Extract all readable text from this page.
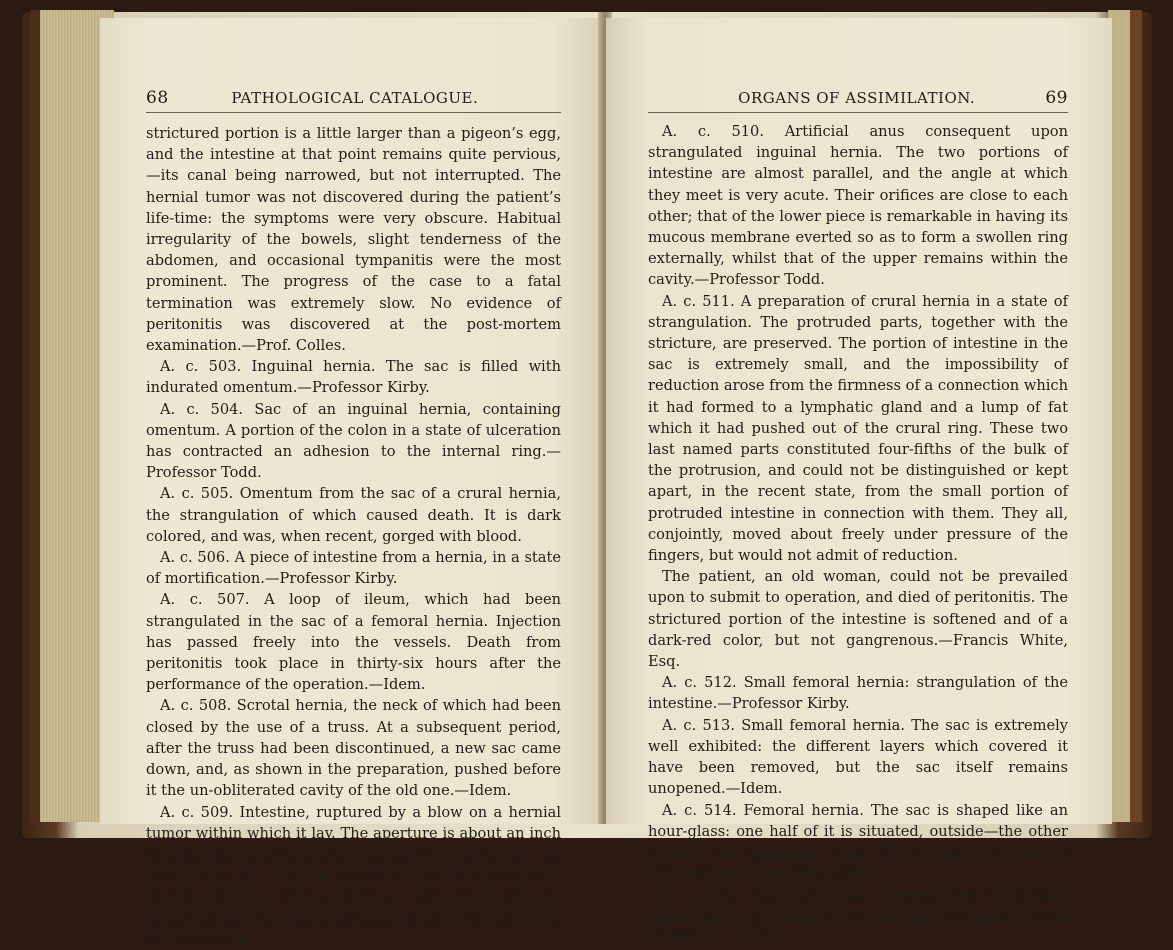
68	PATHOLOGICAL CATALOGUE.

strictured portion is a little larger than a pigeon’s egg, and the intestine at that point remains quite pervious,—its canal being narrowed, but not interrupted. The hernial tumor was not discovered during the patient’s life-time: the symptoms were very obscure. Habitual irregularity of the bowels, slight tenderness of the abdomen, and occasional tympanitis were the most prominent. The progress of the case to a fatal termination was extremely slow. No evidence of peritonitis was discovered at the post-mortem examination.—Prof. Colles.

A. c. 503. Inguinal hernia. The sac is filled with indurated omentum.—Professor Kirby.

A. c. 504. Sac of an inguinal hernia, containing omentum. A portion of the colon in a state of ulceration has contracted an adhesion to the internal ring.—Professor Todd.

A. c. 505. Omentum from the sac of a crural hernia, the strangulation of which caused death. It is dark colored, and was, when recent, gorged with blood.

A. c. 506. A piece of intestine from a hernia, in a state of mortification.—Professor Kirby.

A. c. 507. A loop of ileum, which had been strangulated in the sac of a femoral hernia. Injection has passed freely into the vessels. Death from peritonitis took place in thirty-six hours after the performance of the operation.—Idem.

A. c. 508. Scrotal hernia, the neck of which had been closed by the use of a truss. At a subsequent period, after the truss had been discontinued, a new sac came down, and, as shown in the preparation, pushed before it the un-obliterated cavity of the old one.—Idem.

A. c. 509. Intestine, ruptured by a blow on a hernial tumor within which it lay. The aperture is about an inch in diameter, and is almost completely closed by the eversion of the mucous membrane. Death took place, on the fifth day, from peritonitis; and, on dissection, fœcal matter was found diffused through the cavity of the abdomen.

ORGANS OF ASSIMILATION.	69

A. c. 510. Artificial anus consequent upon strangulated inguinal hernia. The two portions of intestine are almost parallel, and the angle at which they meet is very acute. Their orifices are close to each other; that of the lower piece is remarkable in having its mucous membrane everted so as to form a swollen ring externally, whilst that of the upper remains within the cavity.—Professor Todd.

A. c. 511. A preparation of crural hernia in a state of strangulation. The protruded parts, together with the stricture, are preserved. The portion of intestine in the sac is extremely small, and the impossibility of reduction arose from the firmness of a connection which it had formed to a lymphatic gland and a lump of fat which it had pushed out of the crural ring. These two last named parts constituted four-fifths of the bulk of the protrusion, and could not be distinguished or kept apart, in the recent state, from the small portion of protruded intestine in connection with them. They all, conjointly, moved about freely under pressure of the fingers, but would not admit of reduction.

The patient, an old woman, could not be prevailed upon to submit to operation, and died of peritonitis. The strictured portion of the intestine is softened and of a dark-red color, but not gangrenous.—Francis White, Esq.

A. c. 512. Small femoral hernia: strangulation of the intestine.—Professor Kirby.

A. c. 513. Small femoral hernia. The sac is extremely well exhibited: the different layers which covered it have been removed, but the sac itself remains unopened.—Idem.

A. c. 514. Femoral hernia. The sac is shaped like an hour-glass: one half of it is situated, outside—the other inside, the abdomen; and the constricted portion corresponds to the ring.—Idem.

A. c. 515. Femoral hernia covered over by a fatty tumor, which prevented its return into the cavity of the abdomen.—Idem.
